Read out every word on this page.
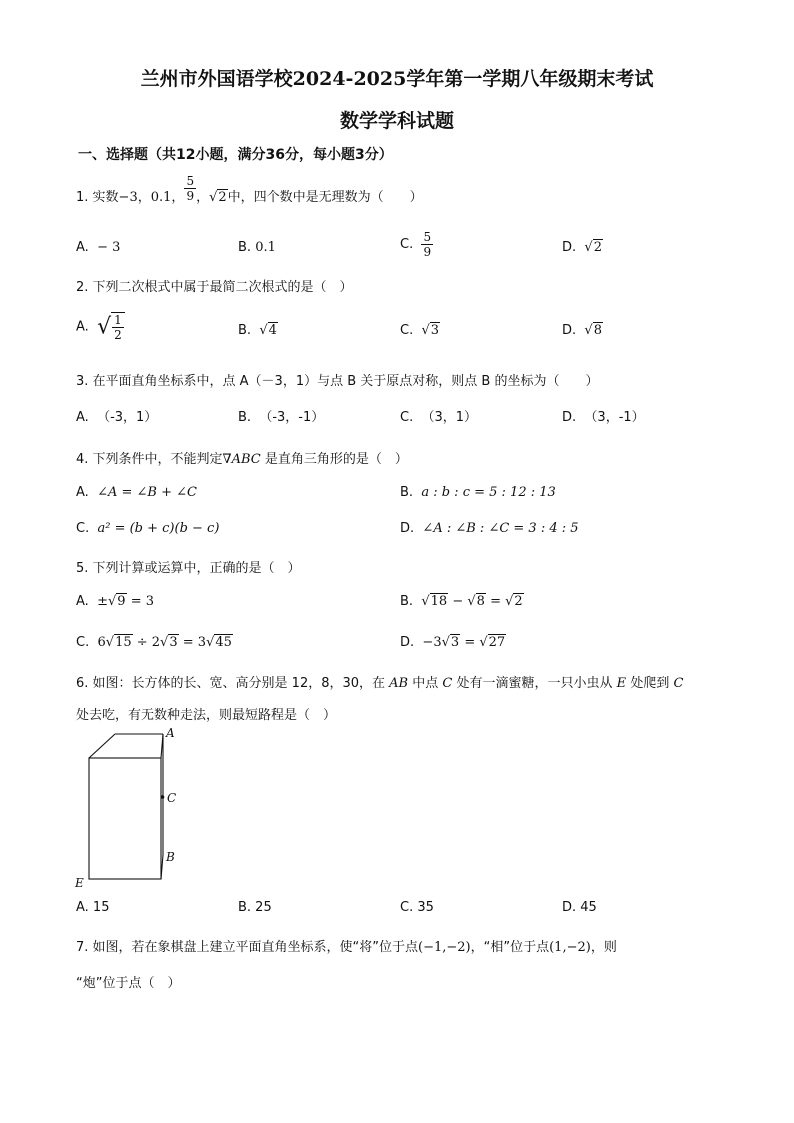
兰州市外国语学校2024-2025学年第一学期八年级期末考试
数学学科试题
一、选择题（共12小题，满分36分，每小题3分）
1. 实数−3，0.1， $\frac{5}{9}$ ，√2中，四个数中是无理数为（　　）
A. − 3	B. 0.1	C. $\frac{5}{9}$	D. √2
2. 下列二次根式中属于最简二次根式的是（　）
A. √ $\frac{1}{2}$	B. √4	C. √3	D. √8
3. 在平面直角坐标系中，点 A（－3，1）与点 B 关于原点对称，则点 B 的坐标为（　　）
A. （-3，1）	B. （-3，-1）	C. （3，1）	D. （3，-1）
4. 下列条件中，不能判定∇ABC 是直角三角形的是（　）
A. ∠A = ∠B + ∠C	B. a : b : c = 5 : 12 : 13
C. a² = (b + c)(b − c)	D. ∠A : ∠B : ∠C = 3 : 4 : 5
5. 下列计算或运算中，正确的是（　）
A. ±√9 = 3	B. √18 − √8 = √2
C. 6√15 ÷ 2√3 = 3√45	D. −3√3 = √27
6. 如图：长方体的长、宽、高分别是 12，8，30，在 AB 中点 C 处有一滴蜜糖，一只小虫从 E 处爬到 C
处去吃，有无数种走法，则最短路程是（　）
A
C
B
E
A. 15	B. 25	C. 35	D. 45
7. 如图，若在象棋盘上建立平面直角坐标系，使“将”位于点(−1,−2)，“相”位于点(1,−2)，则
“炮”位于点（　）
